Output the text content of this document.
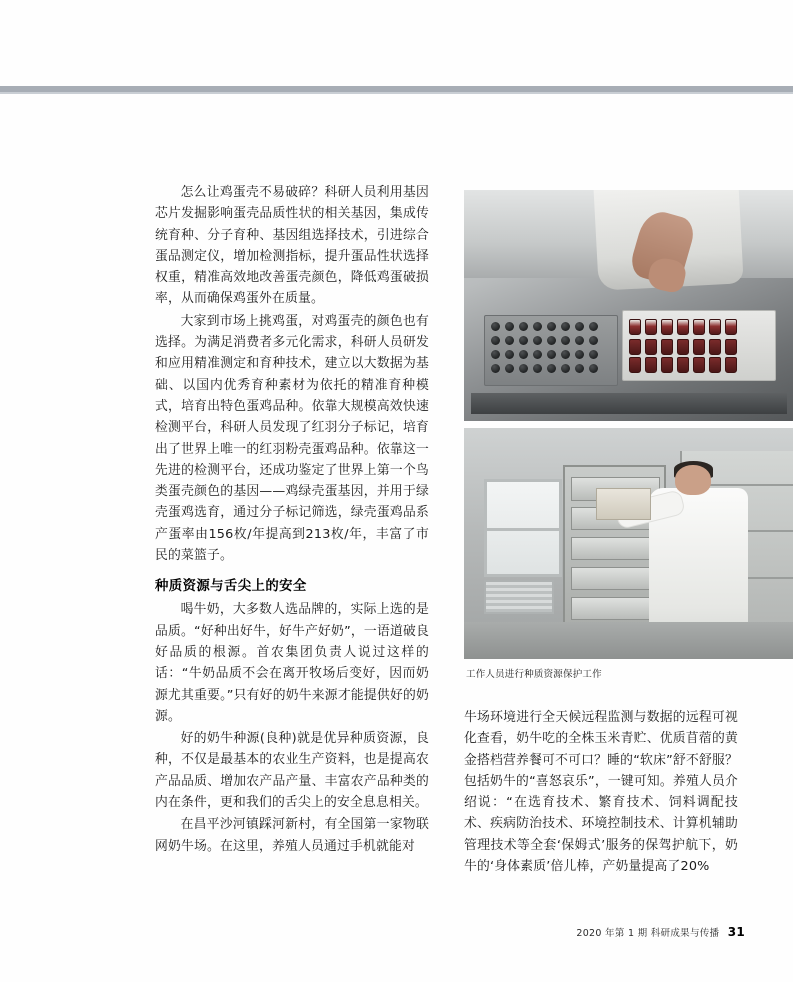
怎么让鸡蛋壳不易破碎？科研人员利用基因芯片发掘影响蛋壳品质性状的相关基因，集成传统育种、分子育种、基因组选择技术，引进综合蛋品测定仪，增加检测指标，提升蛋品性状选择权重，精准高效地改善蛋壳颜色，降低鸡蛋破损率，从而确保鸡蛋外在质量。

大家到市场上挑鸡蛋，对鸡蛋壳的颜色也有选择。为满足消费者多元化需求，科研人员研发和应用精准测定和育种技术，建立以大数据为基础、以国内优秀育种素材为依托的精准育种模式，培育出特色蛋鸡品种。依靠大规模高效快速检测平台，科研人员发现了红羽分子标记，培育出了世界上唯一的红羽粉壳蛋鸡品种。依靠这一先进的检测平台，还成功鉴定了世界上第一个鸟类蛋壳颜色的基因——鸡绿壳蛋基因，并用于绿壳蛋鸡选育，通过分子标记筛选，绿壳蛋鸡品系产蛋率由156枚/年提高到213枚/年，丰富了市民的菜篮子。

种质资源与舌尖上的安全

喝牛奶，大多数人选品牌的，实际上选的是品质。“好种出好牛，好牛产好奶”，一语道破良好品质的根源。首农集团负责人说过这样的话：“牛奶品质不会在离开牧场后变好，因而奶源尤其重要。”只有好的奶牛来源才能提供好的奶源。

好的奶牛种源(良种)就是优异种质资源，良种，不仅是最基本的农业生产资料，也是提高农产品品质、增加农产品产量、丰富农产品种类的内在条件，更和我们的舌尖上的安全息息相关。

在昌平沙河镇踩河新村，有全国第一家物联网奶牛场。在这里，养殖人员通过手机就能对

工作人员进行种质资源保护工作

牛场环境进行全天候远程监测与数据的远程可视化查看，奶牛吃的全株玉米青贮、优质苜蓿的黄金搭档营养餐可不可口？睡的“软床”舒不舒服？包括奶牛的“喜怒哀乐”，一键可知。养殖人员介绍说：“在选育技术、繁育技术、饲料调配技术、疾病防治技术、环境控制技术、计算机辅助管理技术等全套‘保姆式’服务的保驾护航下，奶牛的‘身体素质’倍儿棒，产奶量提高了20%

2020 年第 1 期 科研成果与传播 31
